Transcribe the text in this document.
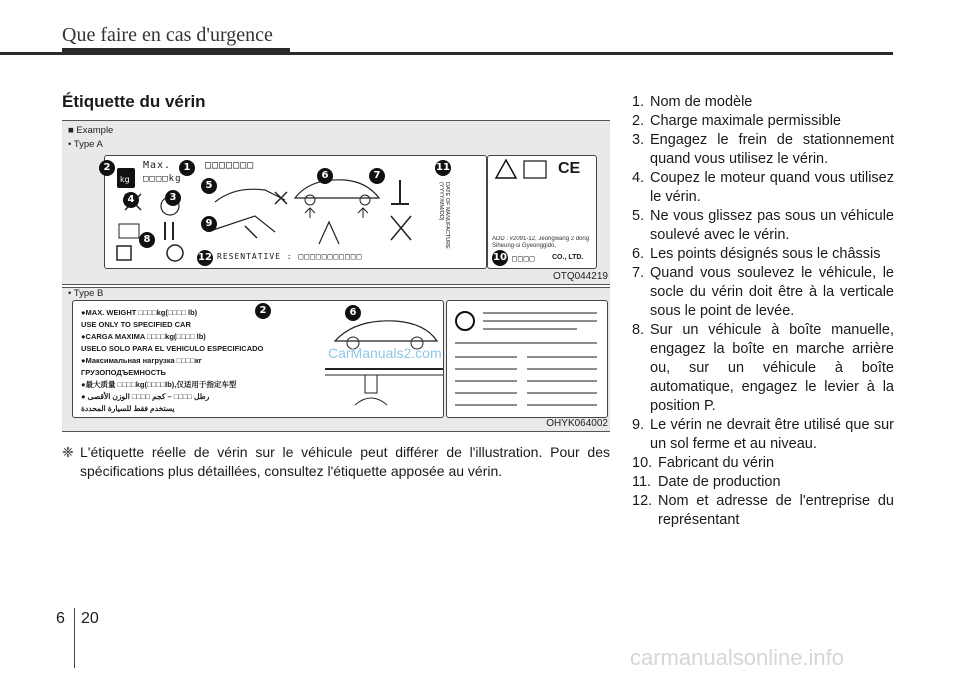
Que faire en cas d'urgence
Étiquette du vérin
■ Example
• Type A
kg
2	Max.	1
□□□□kg
4	3
□□□□□□□
5
6	7
8
9
11
12 RESENTATIVE : □□□□□□□□□□□
DATE OF MANUFACTURE (YYYY/MM/DD)
CE
ADD : #2091-12, Jeongwang 2 dong Siheung-si Gyeonggido,
10 □□□□ CO., LTD.
OTQ044219
• Type B
●MAX. WEIGHT □□□□kg(□□□□ lb)
USE ONLY TO SPECIFIED CAR
●CARGA MAXIMA □□□□kg(□□□□ lb)
USELO SOLO PARA EL VEHICULO ESPECIFICADO
●Максимальная нагрузка □□□□кг
ГРУЗОПОДЪЕМНОСТЬ
●最大质量 □□□□kg(□□□□lb),仅适用于指定车型
● رطل □□□□ – كجم □□□□ الوزن الأقصى
يستخدم فقط للسيارة المحددة
2	6
OHYK064002
CarManuals2.com
❈ L'étiquette réelle de vérin sur le véhicule peut différer de l'illustration. Pour des spécifications plus détaillées, consultez l'étiquette apposée au vérin.
1. Nom de modèle
2. Charge maximale permissible
3. Engagez le frein de stationnement quand vous utilisez le vérin.
4. Coupez le moteur quand vous utilisez le vérin.
5. Ne vous glissez pas sous un véhicule soulevé avec le vérin.
6. Les points désignés sous le châssis
7. Quand vous soulevez le véhicule, le socle du vérin doit être à la verticale sous le point de levée.
8. Sur un véhicule à boîte manuelle, engagez la boîte en marche arrière ou, sur un véhicule à boîte automatique, engagez le levier à la position P.
9. Le vérin ne devrait être utilisé que sur un sol ferme et au niveau.
10. Fabricant du vérin
11. Date de production
12. Nom et adresse de l'entreprise du représentant
6 20
carmanualsonline.info
